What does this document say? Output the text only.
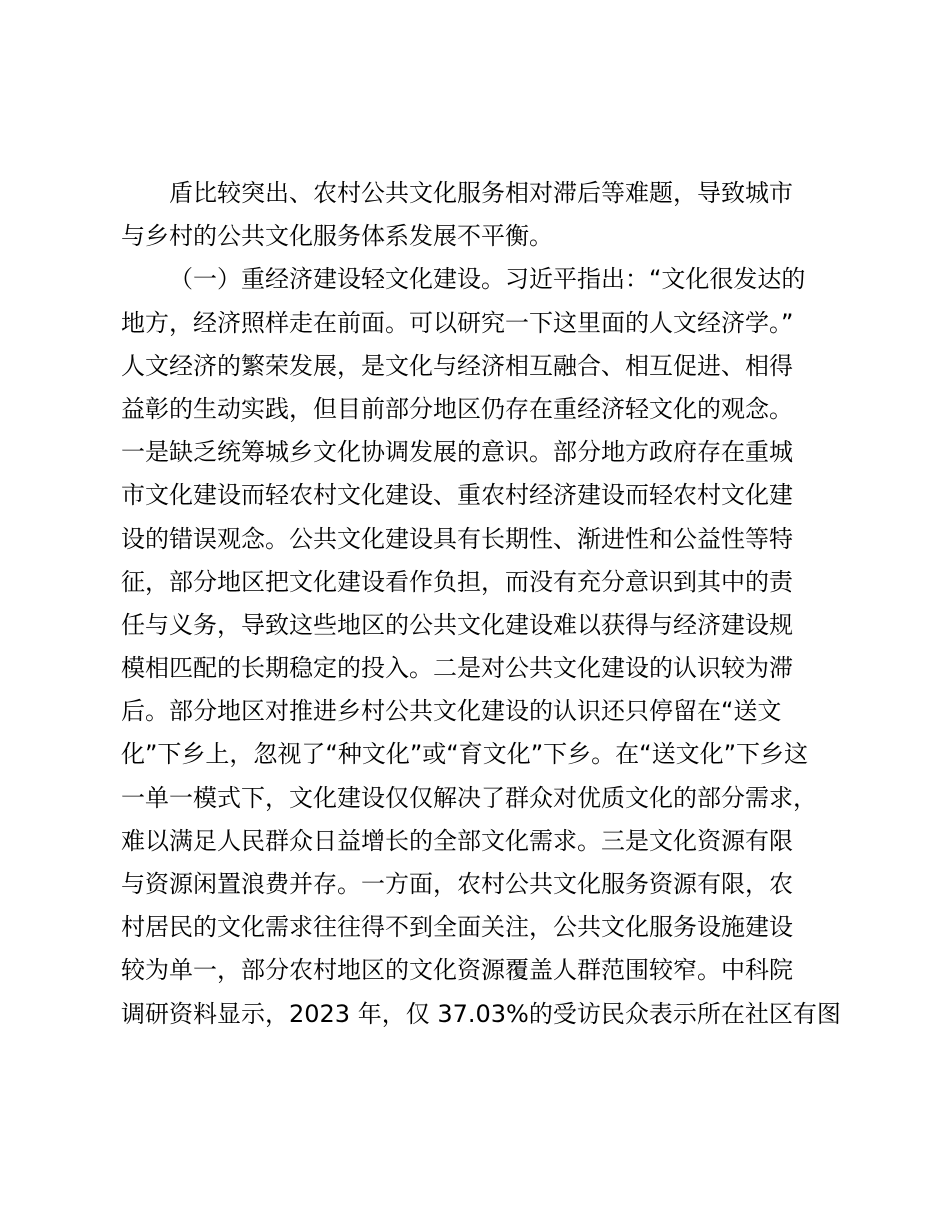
盾比较突出、农村公共文化服务相对滞后等难题，导致城市
与乡村的公共文化服务体系发展不平衡。
（一）重经济建设轻文化建设。习近平指出：“文化很发达的
地方，经济照样走在前面。可以研究一下这里面的人文经济学。”
人文经济的繁荣发展，是文化与经济相互融合、相互促进、相得
益彰的生动实践，但目前部分地区仍存在重经济轻文化的观念。
一是缺乏统筹城乡文化协调发展的意识。部分地方政府存在重城
市文化建设而轻农村文化建设、重农村经济建设而轻农村文化建
设的错误观念。公共文化建设具有长期性、渐进性和公益性等特
征，部分地区把文化建设看作负担，而没有充分意识到其中的责
任与义务，导致这些地区的公共文化建设难以获得与经济建设规
模相匹配的长期稳定的投入。二是对公共文化建设的认识较为滞
后。部分地区对推进乡村公共文化建设的认识还只停留在“送文
化”下乡上，忽视了“种文化”或“育文化”下乡。在“送文化”下乡这
一单一模式下，文化建设仅仅解决了群众对优质文化的部分需求，
难以满足人民群众日益增长的全部文化需求。三是文化资源有限
与资源闲置浪费并存。一方面，农村公共文化服务资源有限，农
村居民的文化需求往往得不到全面关注，公共文化服务设施建设
较为单一，部分农村地区的文化资源覆盖人群范围较窄。中科院
调研资料显示，2023 年，仅 37.03%的受访民众表示所在社区有图
